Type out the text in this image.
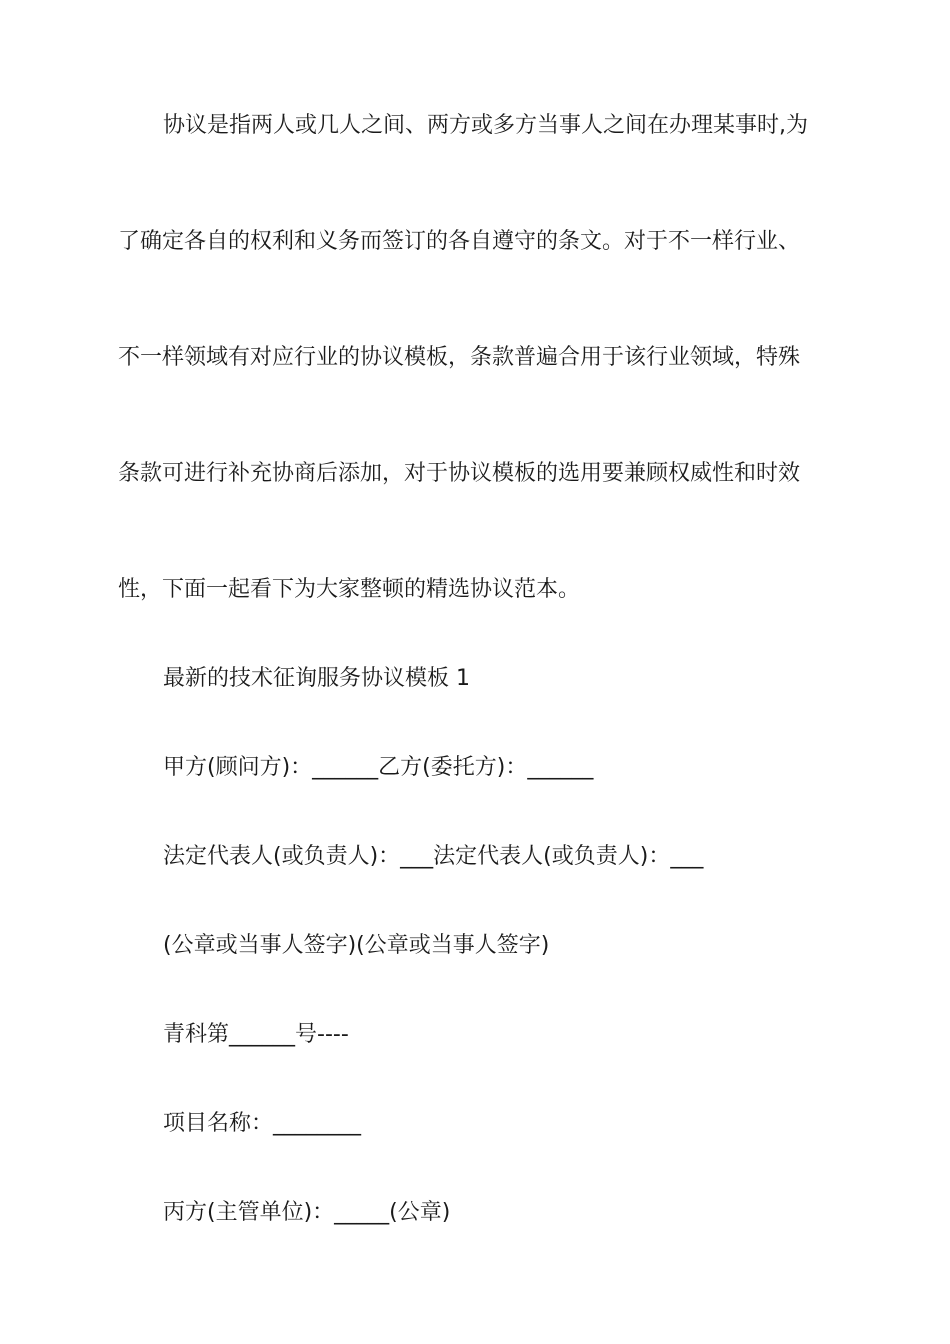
协议是指两人或几人之间、两方或多方当事人之间在办理某事时,为
了确定各自的权利和义务而签订的各自遵守的条文。对于不一样行业、
不一样领域有对应行业的协议模板，条款普遍合用于该行业领域，特殊
条款可进行补充协商后添加，对于协议模板的选用要兼顾权威性和时效
性，下面一起看下为大家整顿的精选协议范本。
最新的技术征询服务协议模板 1
甲方(顾问方)：______乙方(委托方)：______
法定代表人(或负责人)：___法定代表人(或负责人)：___
(公章或当事人签字)(公章或当事人签字)
青科第______号----
项目名称：________
丙方(主管单位)：_____(公章)
